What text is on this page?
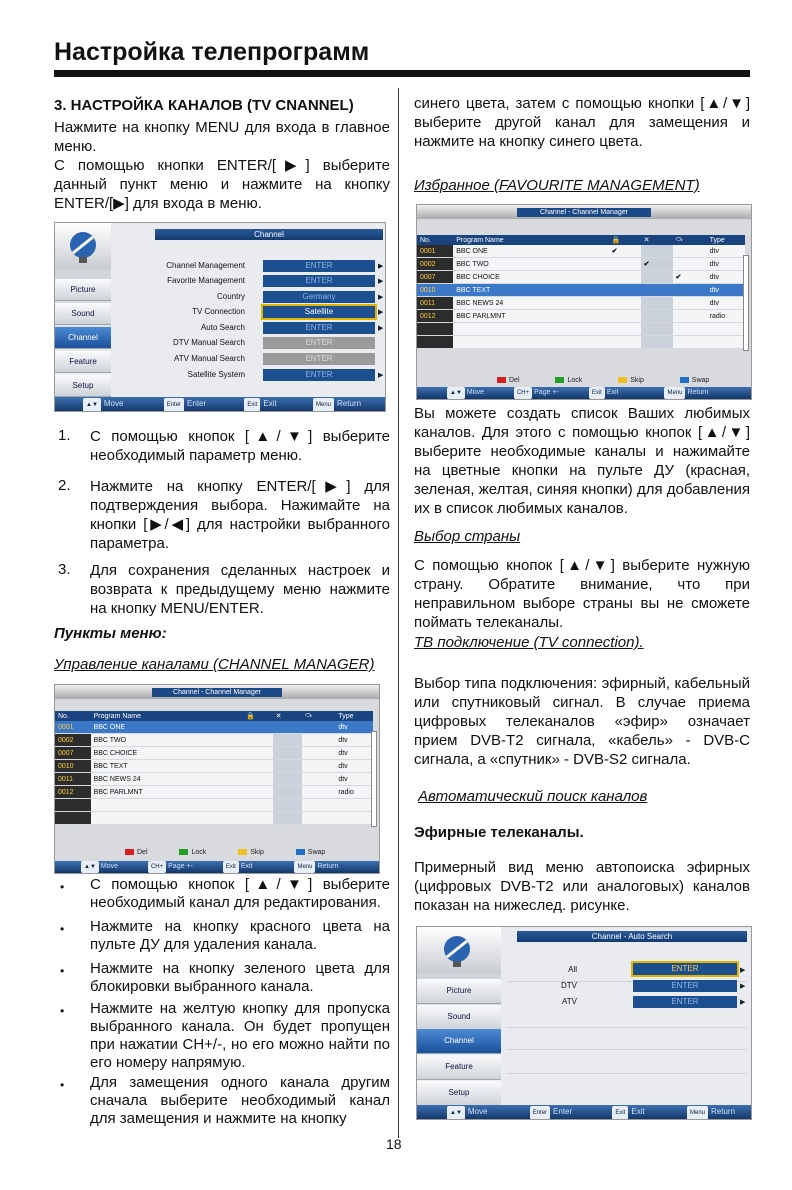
Настройка телепрограмм

3. НАСТРОЙКА КАНАЛОВ (TV CNANNEL)

Нажмите на кнопку MENU для входа в главное меню.

С помощью кнопки ENTER/[▶] выберите данный пункт меню и нажмите на кнопку ENTER/[▶] для входа в меню.

Picture
Sound
Channel
Feature
Setup
Channel
Channel Management	ENTER	▶
Favorite Management	ENTER	▶
Country	Germany	▶
TV Connection	Satellite	▶
Auto Search	ENTER	▶
DTV Manual Search	ENTER
ATV Manual Search	ENTER
Satellite System	ENTER	▶
▲▼ Move	Enter Enter	Exit Exit	Menu Return
1. С помощью кнопок [▲/▼] выберите необходимый параметр меню.
2. Нажмите на кнопку ENTER/[▶] для подтверждения выбора. Нажимайте на кнопки [▶/◀] для настройки выбранного параметра.
3. Для сохранения сделанных настроек и возврата к предыдущему меню нажмите на кнопку MENU/ENTER.
Пункты меню:
Управление каналами (CHANNEL MANAGER)
Channel - Channel Manager
No.	Program Name	🔒	✕	⤼	Type
0001	BBC ONE				dtv
0002	BBC TWO				dtv
0007	BBC CHOICE				dtv
0010	BBC TEXT				dtv
0011	BBC NEWS 24				dtv
0012	BBC PARLMNT				radio

Del	Lock	Skip	Swap
▲▼ Move	CH+ Page +-	Exit Exit	Menu Return
• С помощью кнопок [▲/▼] выберите необходимый канал для редактирования.
• Нажмите на кнопку красного цвета на пульте ДУ для удаления канала.
• Нажмите на кнопку зеленого цвета для блокировки выбранного канала.
• Нажмите на желтую кнопку для пропуска выбранного канала. Он будет пропущен при нажатии CH+/-, но его можно найти по его номеру напрямую.
• Для замещения одного канала другим сначала выберите необходимый канал для замещения и нажмите на кнопку

синего цвета, затем с помощью кнопки [▲/▼] выберите другой канал для замещения и нажмите на кнопку синего цвета.

Избранное (FAVOURITE MANAGEMENT)
Channel - Channel Manager
No.	Program Name	🔒	✕	⤼	Type
0001	BBC ONE	✔			dtv
0002	BBC TWO		✔		dtv
0007	BBC CHOICE			✔	dtv
0010	BBC TEXT				dtv
0011	BBC NEWS 24				dtv
0012	BBC PARLMNT				radio

Del	Lock	Skip	Swap
▲▼ Move	CH+ Page +-	Exit Exit	Menu Return

Вы можете создать список Ваших любимых каналов. Для этого с помощью кнопок [▲/▼] выберите необходимые каналы и нажимайте на цветные кнопки на пульте ДУ (красная, зеленая, желтая, синяя кнопки) для добавления их в список любимых каналов.

Выбор страны

С помощью кнопок [▲/▼] выберите нужную страну. Обратите внимание, что при неправильном выборе страны вы не сможете поймать телеканалы.

ТВ подключение (TV connection).

Выбор типа подключения: эфирный, кабельный или спутниковый сигнал. В случае приема цифровых телеканалов «эфир» означает прием DVB-T2 сигнала, «кабель» - DVB-C сигнала, а «спутник» - DVB-S2 сигнала.

Автоматический поиск каналов
Эфирные телеканалы.

Примерный вид меню автопоиска эфирных (цифровых DVB-T2 или аналоговых) каналов показан на нижеслед. рисунке.

Picture
Sound
Channel
Feature
Setup
Channel - Auto Search
All	ENTER	▶
DTV	ENTER	▶
ATV	ENTER	▶
▲▼ Move	Enter Enter	Exit Exit	Menu Return
18
